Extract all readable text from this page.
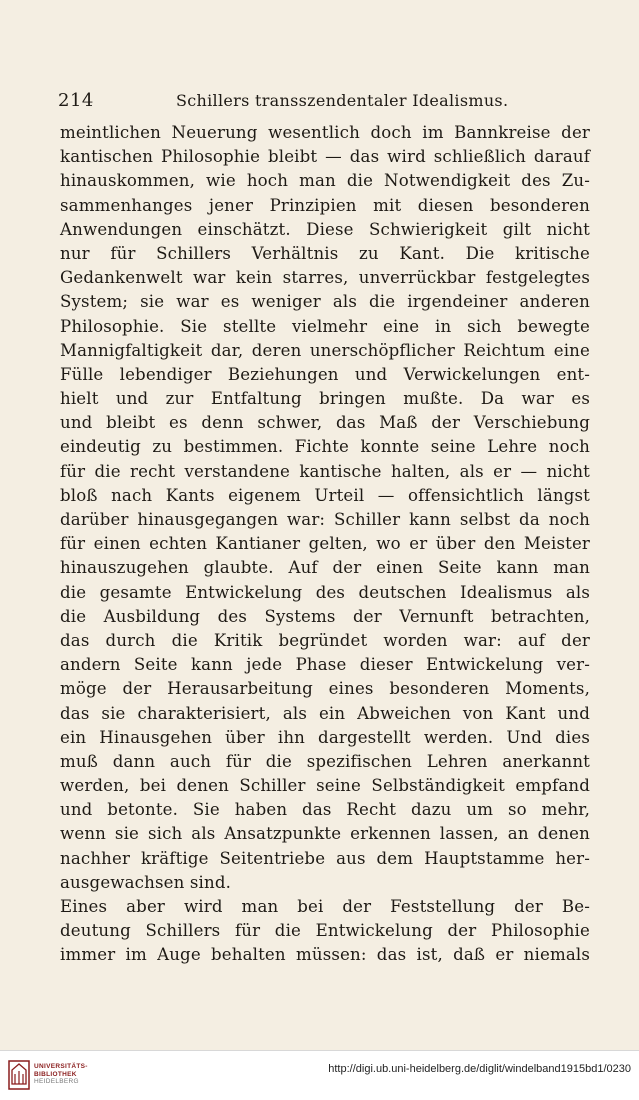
214	Schillers transszendentaler Idealismus.
meintlichen Neuerung wesentlich doch im Bannkreise der
kantischen Philosophie bleibt — das wird schließlich darauf
hinauskommen, wie hoch man die Notwendigkeit des Zu-
sammenhanges jener Prinzipien mit diesen besonderen
Anwendungen einschätzt. Diese Schwierigkeit gilt nicht
nur für Schillers Verhältnis zu Kant. Die kritische
Gedankenwelt war kein starres, unverrückbar festgelegtes
System; sie war es weniger als die irgendeiner anderen
Philosophie. Sie stellte vielmehr eine in sich bewegte
Mannigfaltigkeit dar, deren unerschöpflicher Reichtum eine
Fülle lebendiger Beziehungen und Verwickelungen ent-
hielt und zur Entfaltung bringen mußte. Da war es
und bleibt es denn schwer, das Maß der Verschiebung
eindeutig zu bestimmen. Fichte konnte seine Lehre noch
für die recht verstandene kantische halten, als er — nicht
bloß nach Kants eigenem Urteil — offensichtlich längst
darüber hinausgegangen war: Schiller kann selbst da noch
für einen echten Kantianer gelten, wo er über den Meister
hinauszugehen glaubte. Auf der einen Seite kann man
die gesamte Entwickelung des deutschen Idealismus als
die Ausbildung des Systems der Vernunft betrachten,
das durch die Kritik begründet worden war: auf der
andern Seite kann jede Phase dieser Entwickelung ver-
möge der Herausarbeitung eines besonderen Moments,
das sie charakterisiert, als ein Abweichen von Kant und
ein Hinausgehen über ihn dargestellt werden. Und dies
muß dann auch für die spezifischen Lehren anerkannt
werden, bei denen Schiller seine Selbständigkeit empfand
und betonte. Sie haben das Recht dazu um so mehr,
wenn sie sich als Ansatzpunkte erkennen lassen, an denen
nachher kräftige Seitentriebe aus dem Hauptstamme her-
ausgewachsen sind.
Eines aber wird man bei der Feststellung der Be-
deutung Schillers für die Entwickelung der Philosophie
immer im Auge behalten müssen: das ist, daß er niemals
UNIVERSITÄTS-
BIBLIOTHEK
HEIDELBERG
http://digi.ub.uni-heidelberg.de/diglit/windelband1915bd1/0230
